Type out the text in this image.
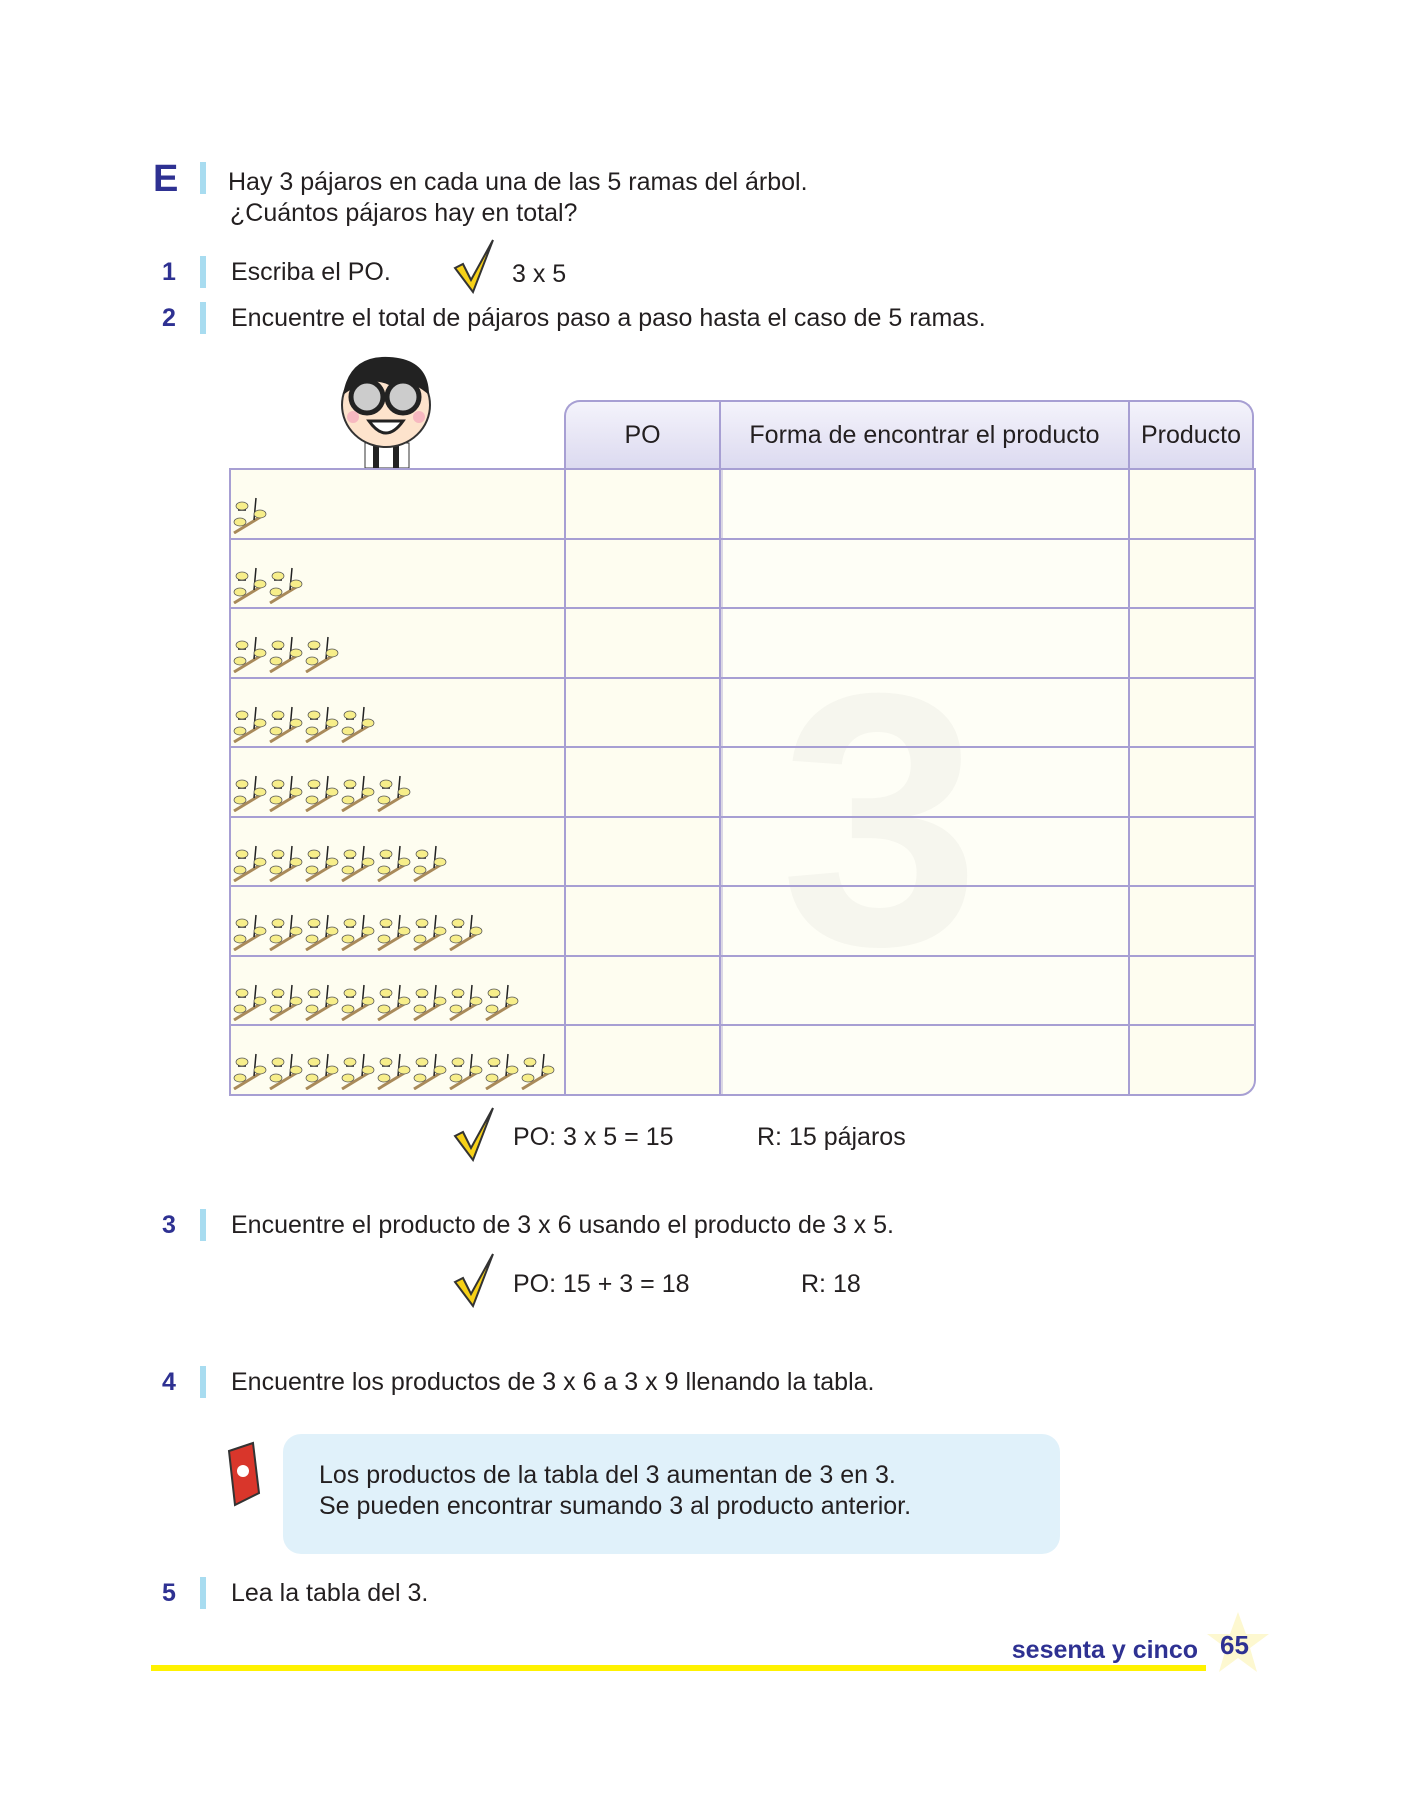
E Hay 3 pájaros en cada una de las 5 ramas del árbol.
¿Cuántos pájaros hay en total?
1 Escriba el PO.	3 x 5
2 Encuentre el total de pájaros paso a paso hasta el caso de 5 ramas.
PO	Forma de encontrar el producto	Producto
PO: 3 x 5 = 15	R: 15 pájaros
3 Encuentre el producto de 3 x 6 usando el producto de 3 x 5.
PO: 15 + 3 = 18	R: 18
4 Encuentre los productos de 3 x 6 a 3 x 9 llenando la tabla.
Los productos de la tabla del 3 aumentan de 3 en 3.
Se pueden encontrar sumando 3 al producto anterior.
5 Lea la tabla del 3.
sesenta y cinco 65
